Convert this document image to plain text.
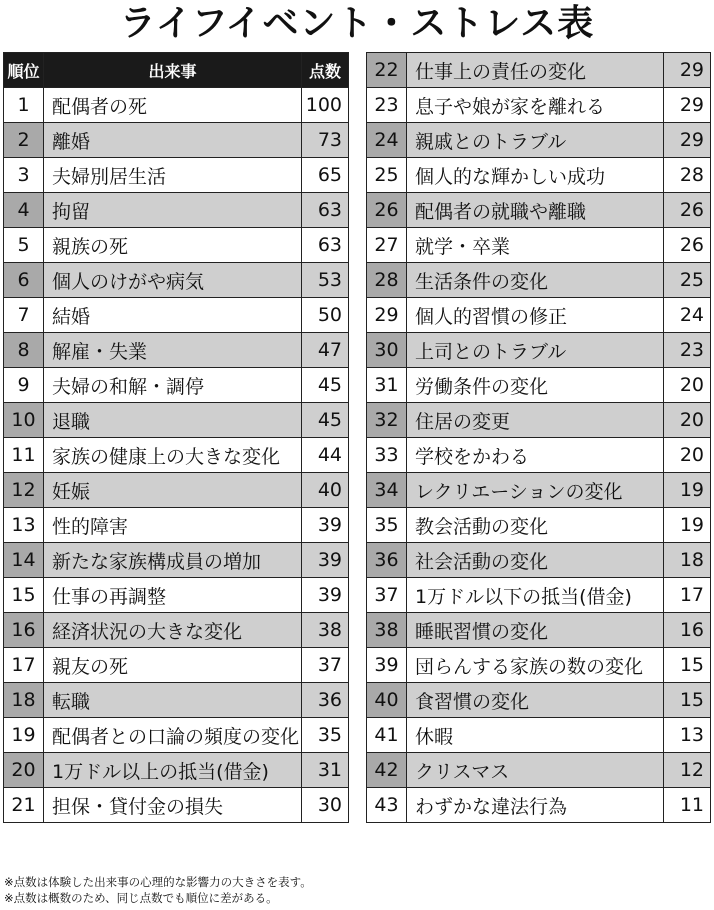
ライフイベント・ストレス表
順位	出来事	点数
1	配偶者の死	100
2	離婚	73
3	夫婦別居生活	65
4	拘留	63
5	親族の死	63
6	個人のけがや病気	53
7	結婚	50
8	解雇・失業	47
9	夫婦の和解・調停	45
10	退職	45
11	家族の健康上の大きな変化	44
12	妊娠	40
13	性的障害	39
14	新たな家族構成員の増加	39
15	仕事の再調整	39
16	経済状況の大きな変化	38
17	親友の死	37
18	転職	36
19	配偶者との口論の頻度の変化	35
20	1万ドル以上の抵当(借金)	31
21	担保・貸付金の損失	30
22	仕事上の責任の変化	29
23	息子や娘が家を離れる	29
24	親戚とのトラブル	29
25	個人的な輝かしい成功	28
26	配偶者の就職や離職	26
27	就学・卒業	26
28	生活条件の変化	25
29	個人的習慣の修正	24
30	上司とのトラブル	23
31	労働条件の変化	20
32	住居の変更	20
33	学校をかわる	20
34	レクリエーションの変化	19
35	教会活動の変化	19
36	社会活動の変化	18
37	1万ドル以下の抵当(借金)	17
38	睡眠習慣の変化	16
39	団らんする家族の数の変化	15
40	食習慣の変化	15
41	休暇	13
42	クリスマス	12
43	わずかな違法行為	11
※点数は体験した出来事の心理的な影響力の大きさを表す。
※点数は概数のため、同じ点数でも順位に差がある。
